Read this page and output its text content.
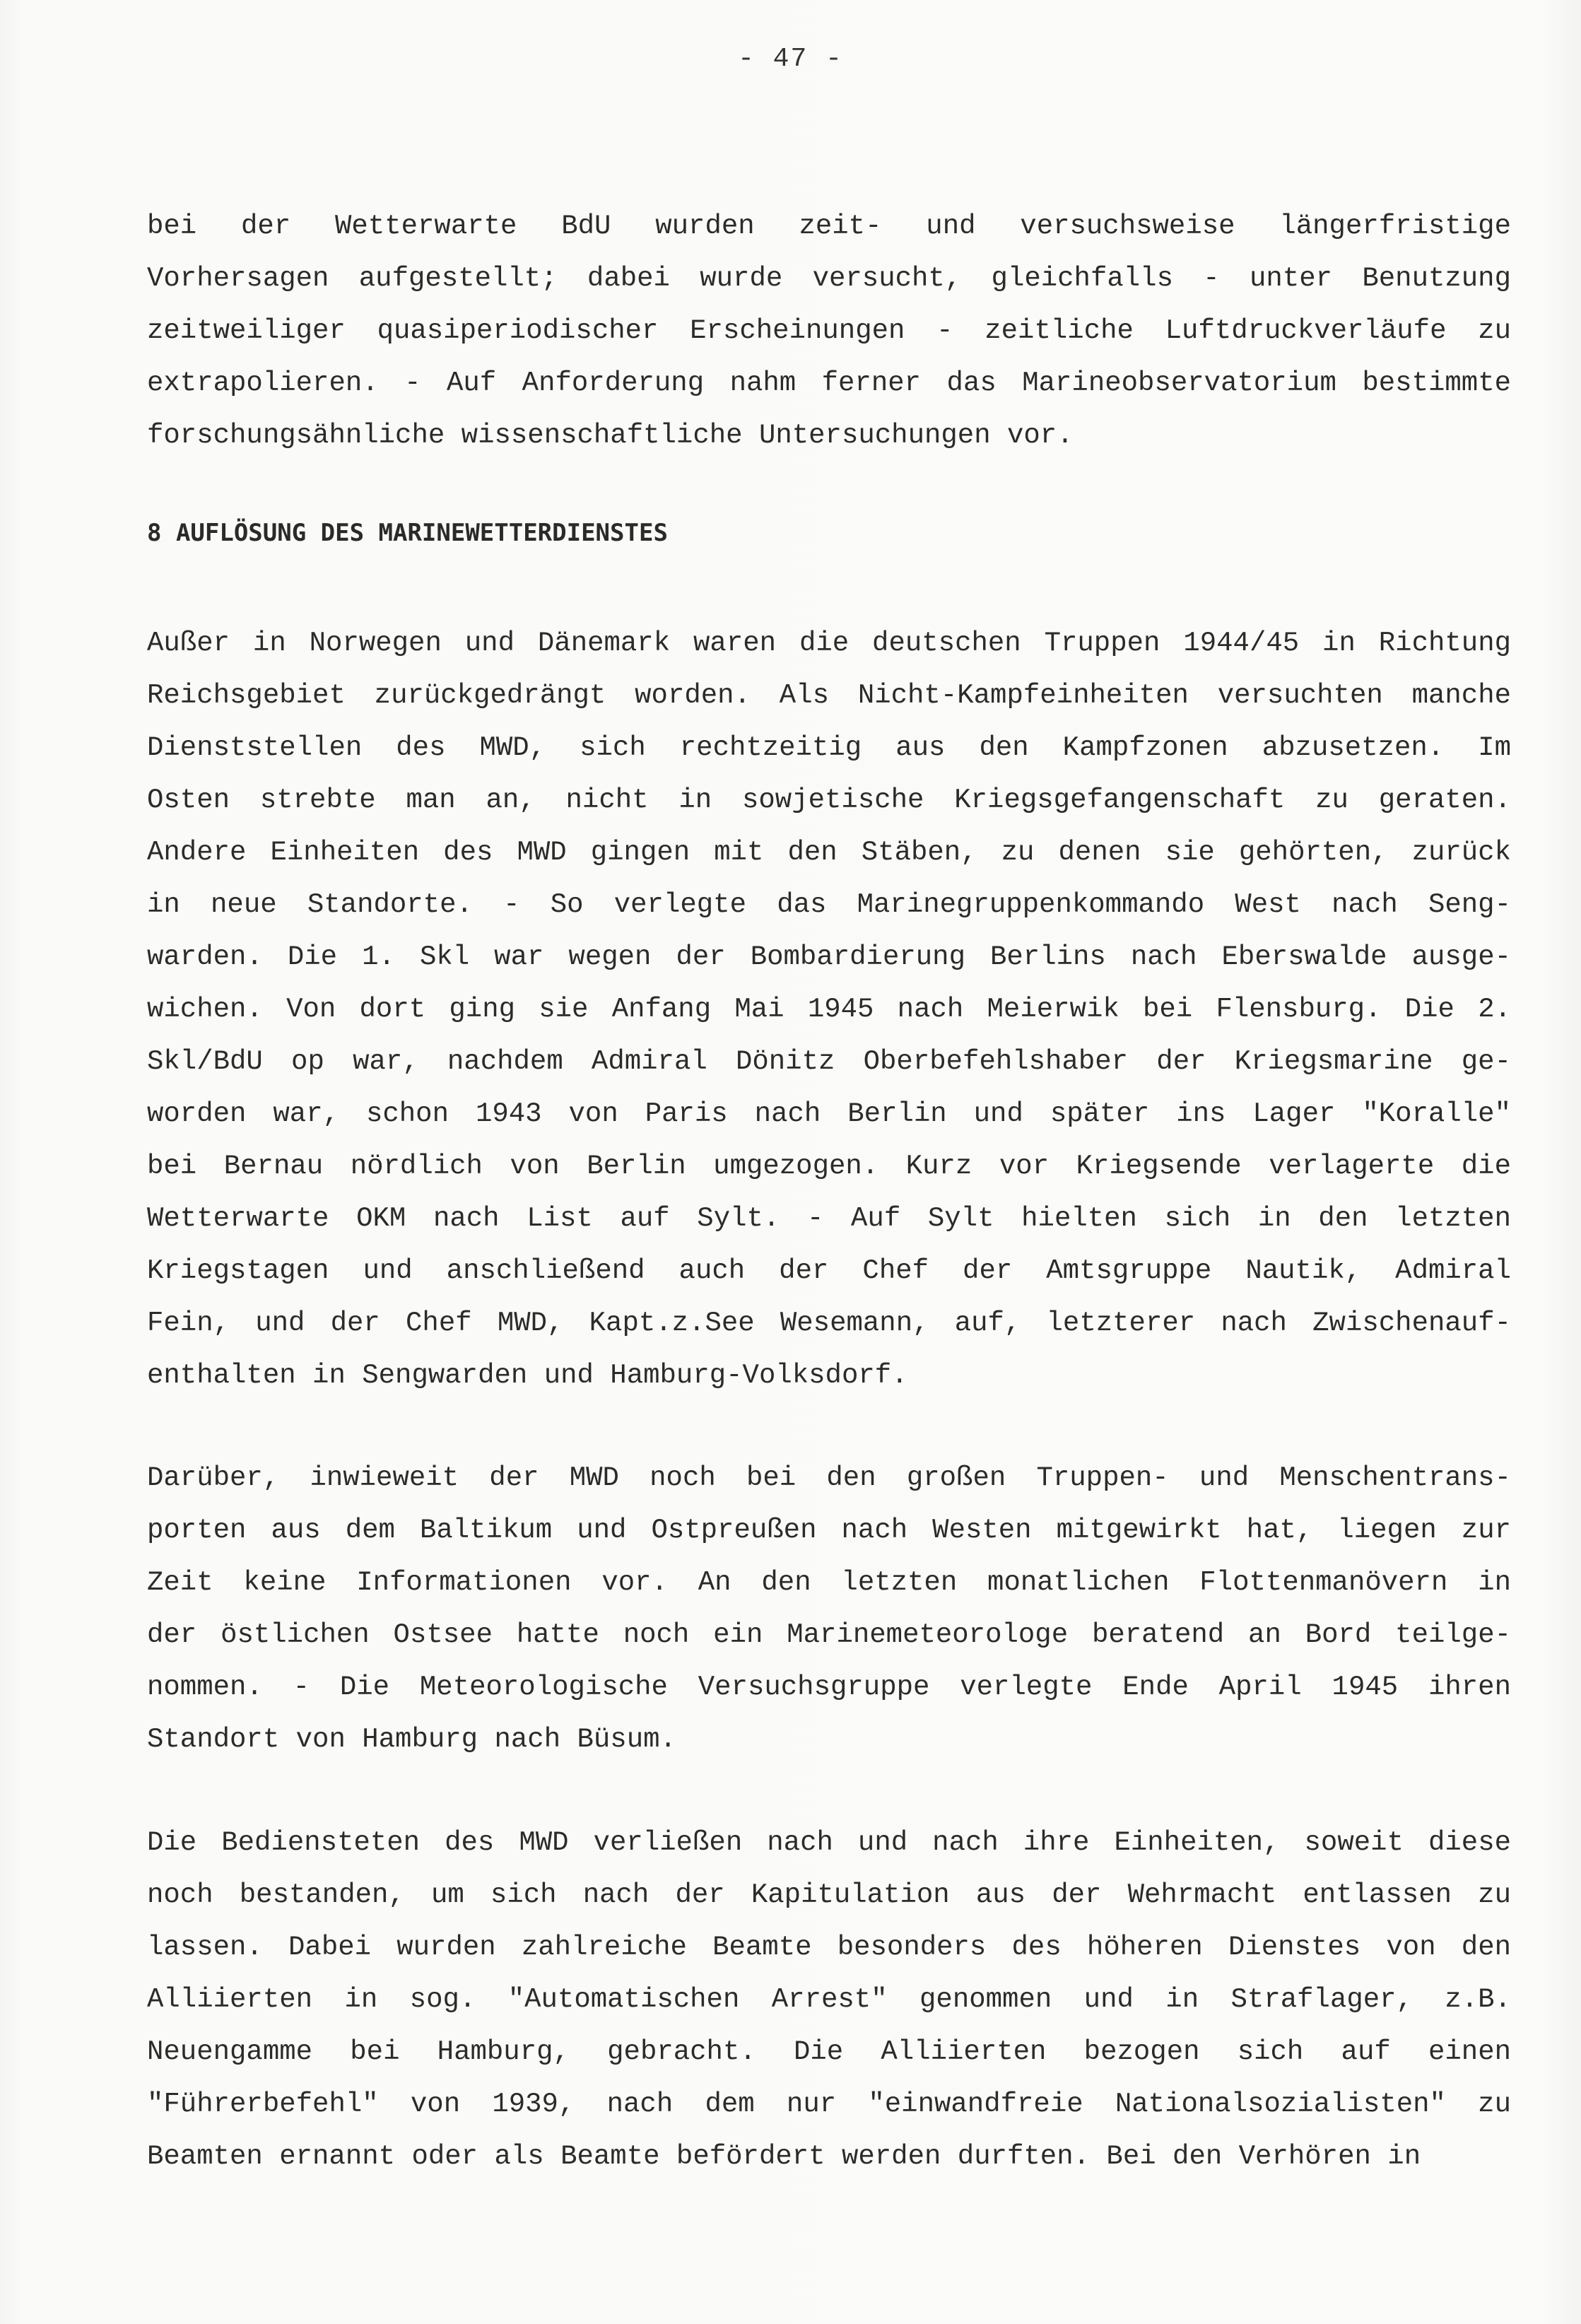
- 47 -
bei der Wetterwarte BdU wurden zeit- und versuchsweise längerfristige
Vorhersagen aufgestellt; dabei wurde versucht, gleichfalls - unter Benutzung
zeitweiliger quasiperiodischer Erscheinungen - zeitliche Luftdruckverläufe zu
extrapolieren. - Auf Anforderung nahm ferner das Marineobservatorium bestimmte
forschungsähnliche wissenschaftliche Untersuchungen vor.
8 AUFLÖSUNG DES MARINEWETTERDIENSTES
Außer in Norwegen und Dänemark waren die deutschen Truppen 1944/45 in Richtung
Reichsgebiet zurückgedrängt worden. Als Nicht-Kampfeinheiten versuchten manche
Dienststellen des MWD, sich rechtzeitig aus den Kampfzonen abzusetzen. Im
Osten strebte man an, nicht in sowjetische Kriegsgefangenschaft zu geraten.
Andere Einheiten des MWD gingen mit den Stäben, zu denen sie gehörten, zurück
in neue Standorte. - So verlegte das Marinegruppenkommando West nach Seng-
warden. Die 1. Skl war wegen der Bombardierung Berlins nach Eberswalde ausge-
wichen. Von dort ging sie Anfang Mai 1945 nach Meierwik bei Flensburg. Die 2.
Skl/BdU op war, nachdem Admiral Dönitz Oberbefehlshaber der Kriegsmarine ge-
worden war, schon 1943 von Paris nach Berlin und später ins Lager "Koralle"
bei Bernau nördlich von Berlin umgezogen. Kurz vor Kriegsende verlagerte die
Wetterwarte OKM nach List auf Sylt. - Auf Sylt hielten sich in den letzten
Kriegstagen und anschließend auch der Chef der Amtsgruppe Nautik, Admiral
Fein, und der Chef MWD, Kapt.z.See Wesemann, auf, letzterer nach Zwischenauf-
enthalten in Sengwarden und Hamburg-Volksdorf.
Darüber, inwieweit der MWD noch bei den großen Truppen- und Menschentrans-
porten aus dem Baltikum und Ostpreußen nach Westen mitgewirkt hat, liegen zur
Zeit keine Informationen vor. An den letzten monatlichen Flottenmanövern in
der östlichen Ostsee hatte noch ein Marinemeteorologe beratend an Bord teilge-
nommen. - Die Meteorologische Versuchsgruppe verlegte Ende April 1945 ihren
Standort von Hamburg nach Büsum.
Die Bediensteten des MWD verließen nach und nach ihre Einheiten, soweit diese
noch bestanden, um sich nach der Kapitulation aus der Wehrmacht entlassen zu
lassen. Dabei wurden zahlreiche Beamte besonders des höheren Dienstes von den
Alliierten in sog. "Automatischen Arrest" genommen und in Straflager, z.B.
Neuengamme bei Hamburg, gebracht. Die Alliierten bezogen sich auf einen
"Führerbefehl" von 1939, nach dem nur "einwandfreie Nationalsozialisten" zu
Beamten ernannt oder als Beamte befördert werden durften. Bei den Verhören in
